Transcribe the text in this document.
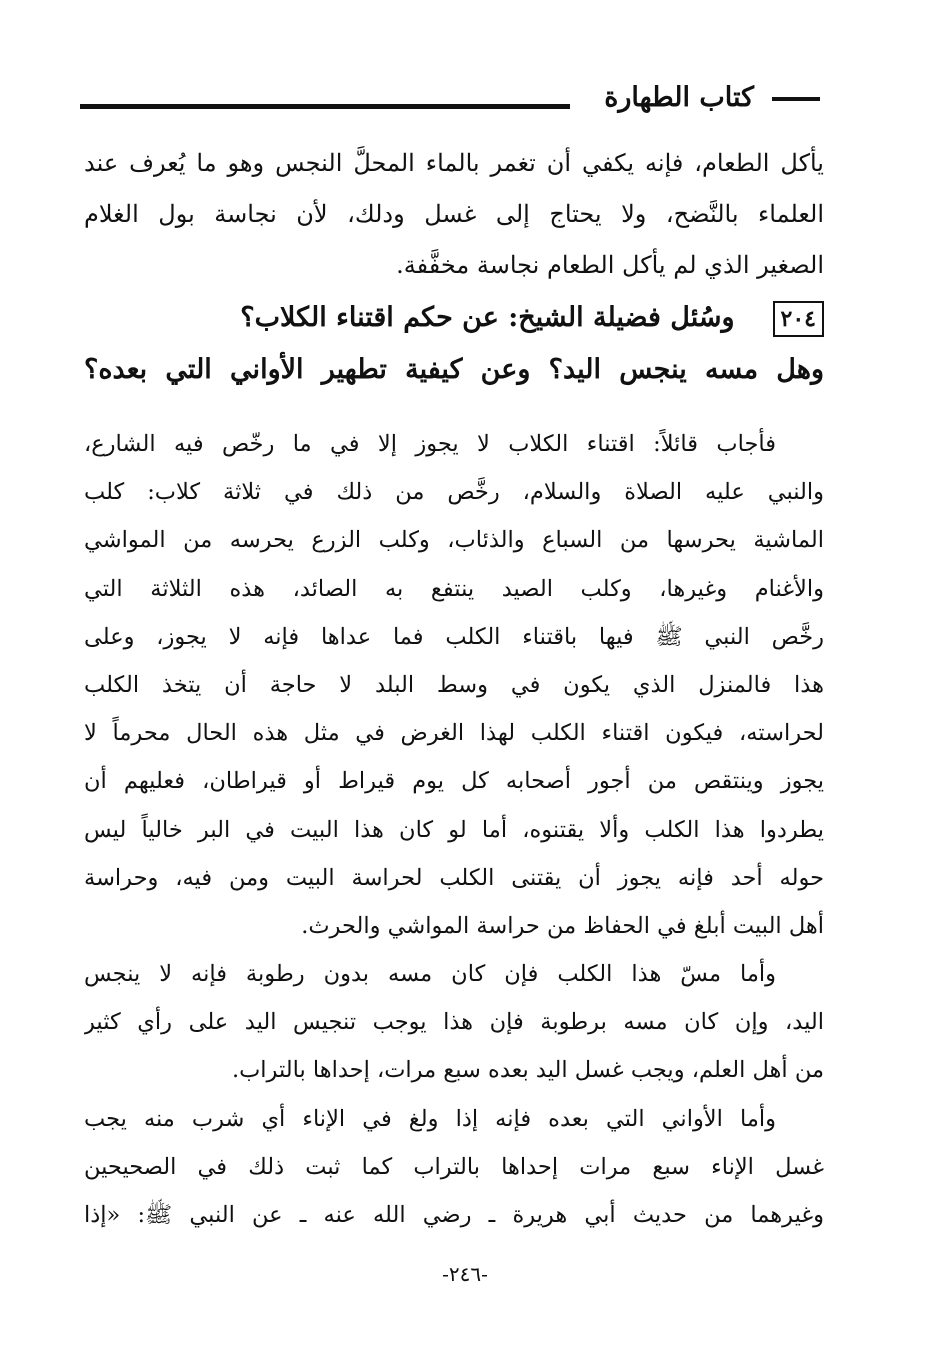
كتاب الطهارة
يأكل الطعام، فإنه يكفي أن تغمر بالماء المحلَّ النجس وهو ما يُعرف عند
العلماء بالنَّضح، ولا يحتاج إلى غسل ودلك، لأن نجاسة بول الغلام
الصغير الذي لم يأكل الطعام نجاسة مخفَّفة.
٢٠٤وسُئل فضيلة الشيخ: عن حكم اقتناء الكلاب؟
وهل مسه ينجس اليد؟ وعن كيفية تطهير الأواني التي بعده؟
فأجاب قائلاً: اقتناء الكلاب لا يجوز إلا في ما رخّص فيه الشارع،
والنبي عليه الصلاة والسلام، رخَّص من ذلك في ثلاثة كلاب: كلب
الماشية يحرسها من السباع والذئاب، وكلب الزرع يحرسه من المواشي
والأغنام وغيرها، وكلب الصيد ينتفع به الصائد، هذه الثلاثة التي
رخَّص النبي ﷺ فيها باقتناء الكلب فما عداها فإنه لا يجوز، وعلى
هذا فالمنزل الذي يكون في وسط البلد لا حاجة أن يتخذ الكلب
لحراسته، فيكون اقتناء الكلب لهذا الغرض في مثل هذه الحال محرماً لا
يجوز وينتقص من أجور أصحابه كل يوم قيراط أو قيراطان، فعليهم أن
يطردوا هذا الكلب وألا يقتنوه، أما لو كان هذا البيت في البر خالياً ليس
حوله أحد فإنه يجوز أن يقتنى الكلب لحراسة البيت ومن فيه، وحراسة
أهل البيت أبلغ في الحفاظ من حراسة المواشي والحرث.
وأما مسّ هذا الكلب فإن كان مسه بدون رطوبة فإنه لا ينجس
اليد، وإن كان مسه برطوبة فإن هذا يوجب تنجيس اليد على رأي كثير
من أهل العلم، ويجب غسل اليد بعده سبع مرات، إحداها بالتراب.
وأما الأواني التي بعده فإنه إذا ولغ في الإناء أي شرب منه يجب
غسل الإناء سبع مرات إحداها بالتراب كما ثبت ذلك في الصحيحين
وغيرهما من حديث أبي هريرة ـ رضي الله عنه ـ عن النبي ﷺ: «إذا
-٢٤٦-
